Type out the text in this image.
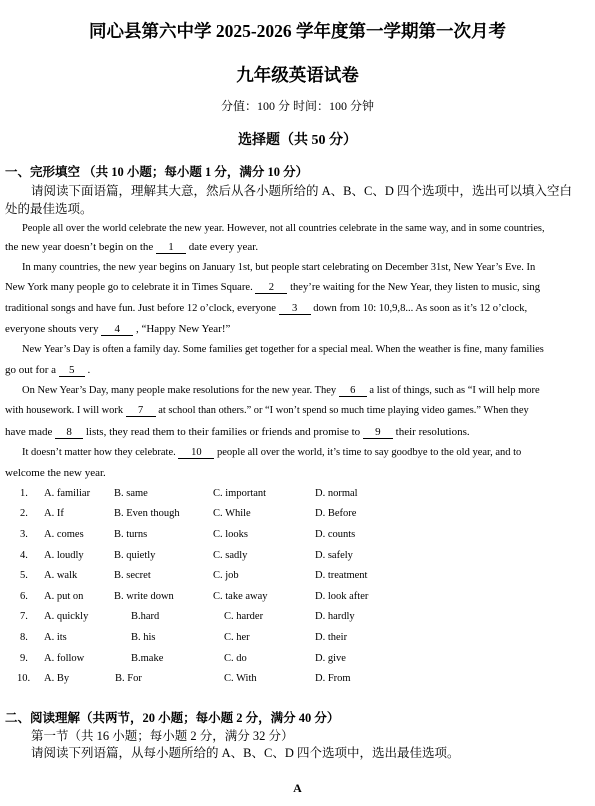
同心县第六中学 2025-2026 学年度第一学期第一次月考
九年级英语试卷
分值：100 分 时间：100 分钟
选择题（共 50 分）
一、完形填空 （共 10 小题；每小题 1 分，满分 10 分）
请阅读下面语篇，理解其大意，然后从各小题所给的 A、B、C、D 四个选项中，选出可以填入空白
处的最佳选项。
People all over the world celebrate the new year. However, not all countries celebrate in the same way, and in some countries,
the new year doesn’t begin on the 1 date every year.
In many countries, the new year begins on January 1st, but people start celebrating on December 31st, New Year’s Eve. In
New York many people go to celebrate it in Times Square. 2 they’re waiting for the New Year, they listen to music, sing
traditional songs and have fun. Just before 12 o’clock, everyone 3 down from 10: 10,9,8... As soon as it’s 12 o’clock,
everyone shouts very 4 , “Happy New Year!”
New Year’s Day is often a family day. Some families get together for a special meal. When the weather is fine, many families
go out for a 5 .
On New Year’s Day, many people make resolutions for the new year. They 6 a list of things, such as “I will help more
with housework. I will work 7 at school than others.” or “I won’t spend so much time playing video games.” When they
have made 8 lists, they read them to their families or friends and promise to 9 their resolutions.
It doesn’t matter how they celebrate. 10 people all over the world, it’s time to say goodbye to the old year, and to
welcome the new year.
1. A. familiar B. same	C. important	D. normal
2. A. If	B. Even though	C. While	D. Before
3. A. comes	B. turns	C. looks	D. counts
4. A. loudly	B. quietly	C. sadly	D. safely
5. A. walk	B. secret	C. job	D. treatment
6. A. put on	B. write down	C. take away	D. look after
7. A. quickly	B.hard	C. harder	D. hardly
8. A. its	B. his	C. her	D. their
9. A. follow	B.make	C. do	D. give
10. A. By	B. For	C. With	D. From
二、阅读理解（共两节，20 小题；每小题 2 分，满分 40 分）
第一节（共 16 小题；每小题 2 分，满分 32 分）
请阅读下列语篇，从每小题所给的 A、B、C、D 四个选项中，选出最佳选项。
A
